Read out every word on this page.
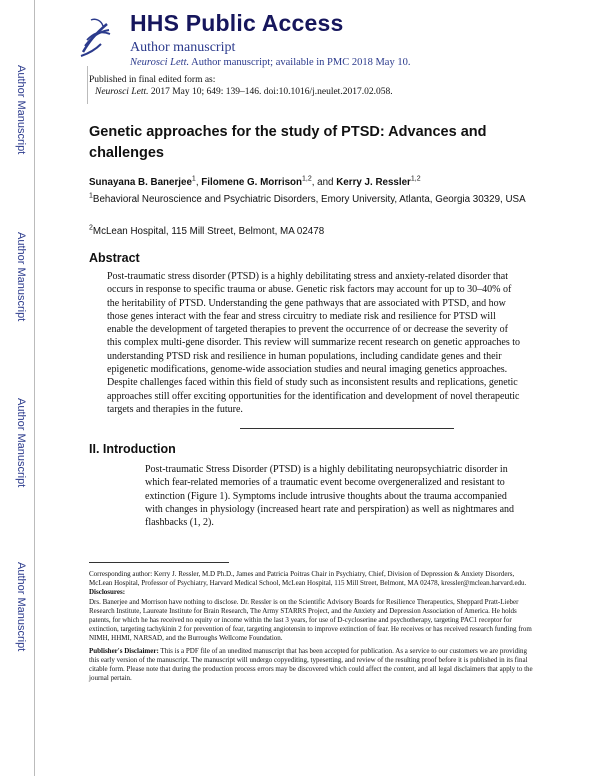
Author Manuscript
Author Manuscript
Author Manuscript
Author Manuscript
HHS Public Access
Author manuscript
Neurosci Lett. Author manuscript; available in PMC 2018 May 10.
Published in final edited form as:
Neurosci Lett. 2017 May 10; 649: 139–146. doi:10.1016/j.neulet.2017.02.058.
Genetic approaches for the study of PTSD: Advances and challenges
Sunayana B. Banerjee$^1$, Filomene G. Morrison$^{1,2}$, and Kerry J. Ressler$^{1,2}$
$^1$Behavioral Neuroscience and Psychiatric Disorders, Emory University, Atlanta, Georgia 30329, USA
$^2$McLean Hospital, 115 Mill Street, Belmont, MA 02478
Abstract
Post-traumatic stress disorder (PTSD) is a highly debilitating stress and anxiety-related disorder that occurs in response to specific trauma or abuse. Genetic risk factors may account for up to 30–40% of the heritability of PTSD. Understanding the gene pathways that are associated with PTSD, and how those genes interact with the fear and stress circuitry to mediate risk and resilience for PTSD will enable the development of targeted therapies to prevent the occurrence of or decrease the severity of this complex multi-gene disorder. This review will summarize recent research on genetic approaches to understanding PTSD risk and resilience in human populations, including candidate genes and their epigenetic modifications, genome-wide association studies and neural imaging genetics approaches. Despite challenges faced within this field of study such as inconsistent results and replications, genetic approaches still offer exciting opportunities for the identification and development of novel therapeutic targets and therapies in the future.
II. Introduction
Post-traumatic Stress Disorder (PTSD) is a highly debilitating neuropsychiatric disorder in which fear-related memories of a traumatic event become overgeneralized and resistant to extinction (Figure 1). Symptoms include intrusive thoughts about the trauma accompanied with changes in physiology (increased heart rate and perspiration) as well as nightmares and flashbacks (1, 2).

Corresponding author: Kerry J. Ressler, M.D Ph.D., James and Patricia Poitras Chair in Psychiatry, Chief, Division of Depression & Anxiety Disorders, McLean Hospital, Professor of Psychiatry, Harvard Medical School, McLean Hospital, 115 Mill Street, Belmont, MA 02478, kressler@mclean.harvard.edu.

Disclosures:

Drs. Banerjee and Morrison have nothing to disclose. Dr. Ressler is on the Scientific Advisory Boards for Resilience Therapeutics, Sheppard Pratt-Lieber Research Institute, Laureate Institute for Brain Research, The Army STARRS Project, and the Anxiety and Depression Association of America. He holds patents, for which he has received no equity or income within the last 3 years, for use of D-cycloserine and psychotherapy, targeting PAC1 receptor for extinction, targeting tachykinin 2 for prevention of fear, targeting angiotensin to improve extinction of fear. He receives or has received research funding from NIMH, HHMI, NARSAD, and the Burroughs Wellcome Foundation.

Publisher's Disclaimer: This is a PDF file of an unedited manuscript that has been accepted for publication. As a service to our customers we are providing this early version of the manuscript. The manuscript will undergo copyediting, typesetting, and review of the resulting proof before it is published in its final citable form. Please note that during the production process errors may be discovered which could affect the content, and all legal disclaimers that apply to the journal pertain.
